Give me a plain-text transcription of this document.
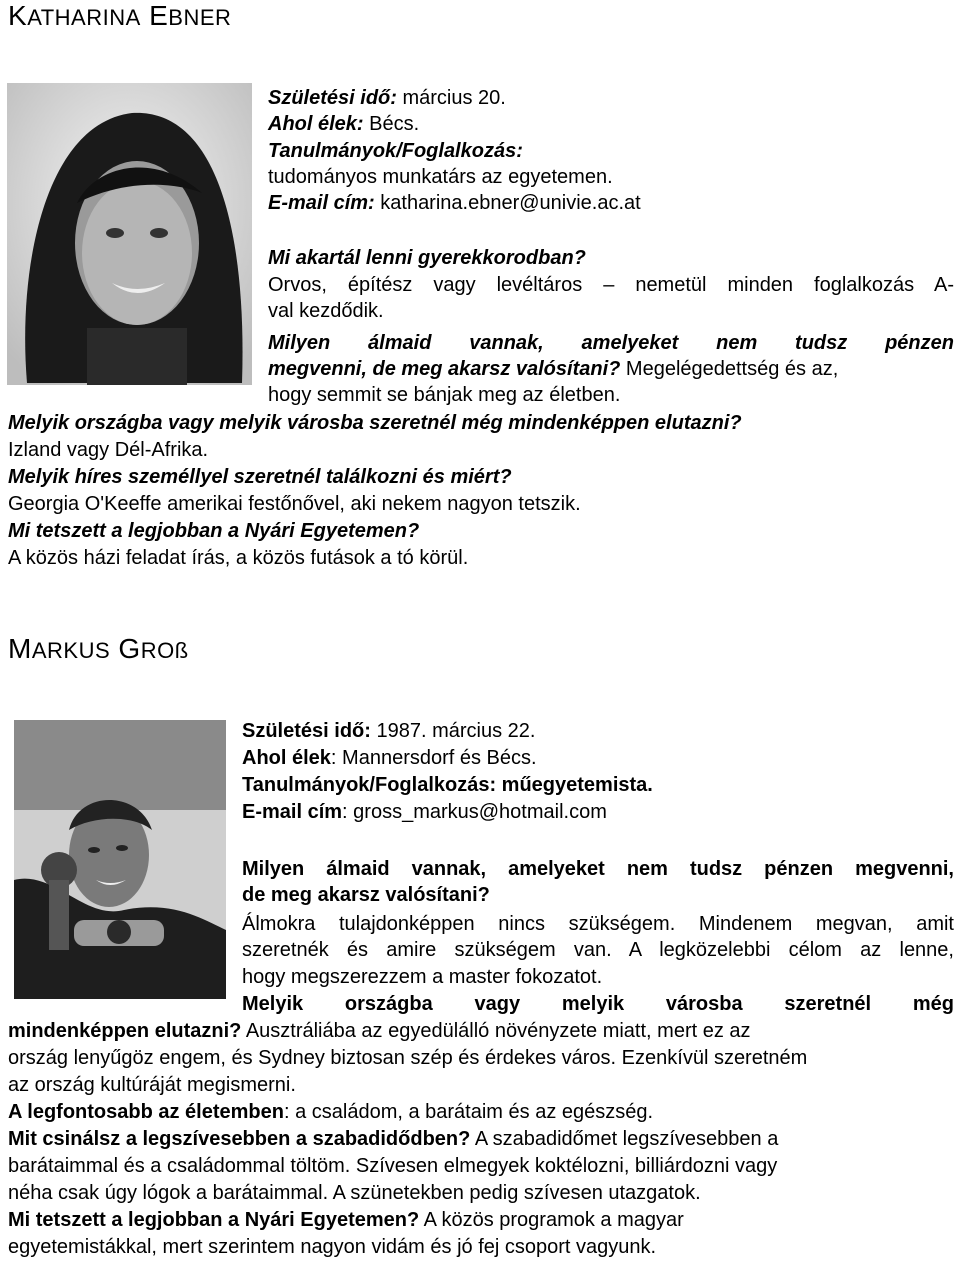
KATHARINA EBNER
Születési idő: március 20.
Ahol élek: Bécs.
Tanulmányok/Foglalkozás:
tudományos munkatárs az egyetemen.
E-mail cím: katharina.ebner@univie.ac.at
Mi akartál lenni gyerekkorodban?
Orvos, építész vagy levéltáros – nemetül minden foglalkozás A-
val kezdődik.
Milyen álmaid vannak, amelyeket nem tudsz pénzen
megvenni, de meg akarsz valósítani? Megelégedettség és az,
hogy semmit se bánjak meg az életben.
Melyik országba vagy melyik városba szeretnél még mindenképpen elutazni?
Izland vagy Dél-Afrika.
Melyik híres személlyel szeretnél találkozni és miért?
Georgia O'Keeffe amerikai festőnővel, aki nekem nagyon tetszik.
Mi tetszett a legjobban a Nyári Egyetemen?
A közös házi feladat írás, a közös futások a tó körül.
MARKUS GROß
Születési idő: 1987. március 22.
Ahol élek: Mannersdorf és Bécs.
Tanulmányok/Foglalkozás: műegyetemista.
E-mail cím: gross_markus@hotmail.com
Milyen álmaid vannak, amelyeket nem tudsz pénzen megvenni,
de meg akarsz valósítani?
Álmokra tulajdonképpen nincs szükségem. Mindenem megvan, amit
szeretnék és amire szükségem van. A legközelebbi célom az lenne,
hogy megszerezzem a master fokozatot.
Melyik országba vagy melyik városba szeretnél még
mindenképpen elutazni? Ausztráliába az egyedülálló növényzete miatt, mert ez az
ország lenyűgöz engem, és Sydney biztosan szép és érdekes város. Ezenkívül szeretném
az ország kultúráját megismerni.
A legfontosabb az életemben: a családom, a barátaim és az egészség.
Mit csinálsz a legszívesebben a szabadidődben? A szabadidőmet legszívesebben a
barátaimmal és a családommal töltöm. Szívesen elmegyek koktélozni, billiárdozni vagy
néha csak úgy lógok a barátaimmal. A szünetekben pedig szívesen utazgatok.
Mi tetszett a legjobban a Nyári Egyetemen? A közös programok a magyar
egyetemistákkal, mert szerintem nagyon vidám és jó fej csoport vagyunk.
